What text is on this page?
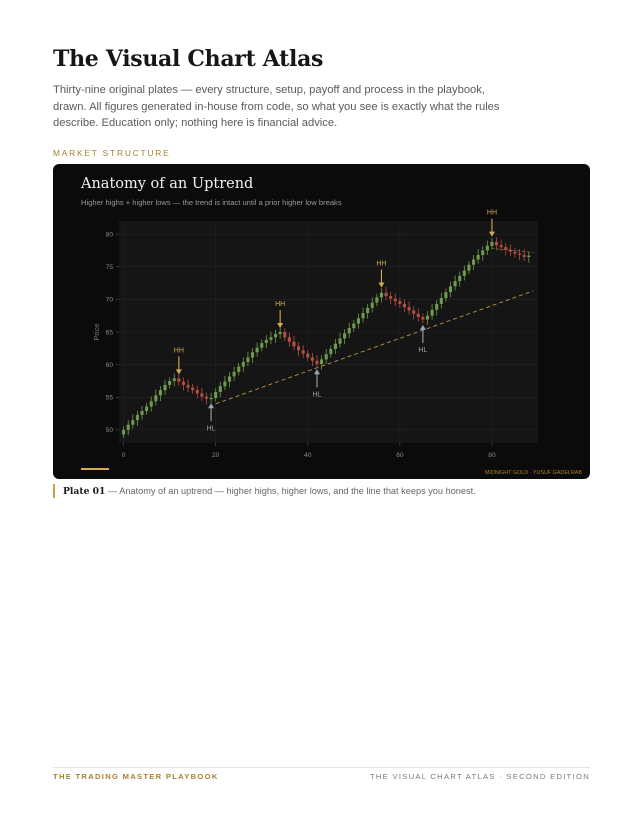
The Visual Chart Atlas

Thirty-nine original plates — every structure, setup, payoff and process in the playbook, drawn. All figures generated in-house from code, so what you see is exactly what the rules describe. Education only; nothing here is financial advice.

MARKET STRUCTURE
Anatomy of an Uptrend
Higher highs + higher lows — the trend is intact until a prior higher low breaks
50
55
60
65
70
75
80
0	20	40	60	80
HH
HL
HH
HL
HH
HL
HH
Price
MIDNIGHT GOLD · YUSUF GADELRAB
Plate 01 — Anatomy of an uptrend — higher highs, higher lows, and the line that keeps you honest.
THE TRADING MASTER PLAYBOOK	THE VISUAL CHART ATLAS · SECOND EDITION
